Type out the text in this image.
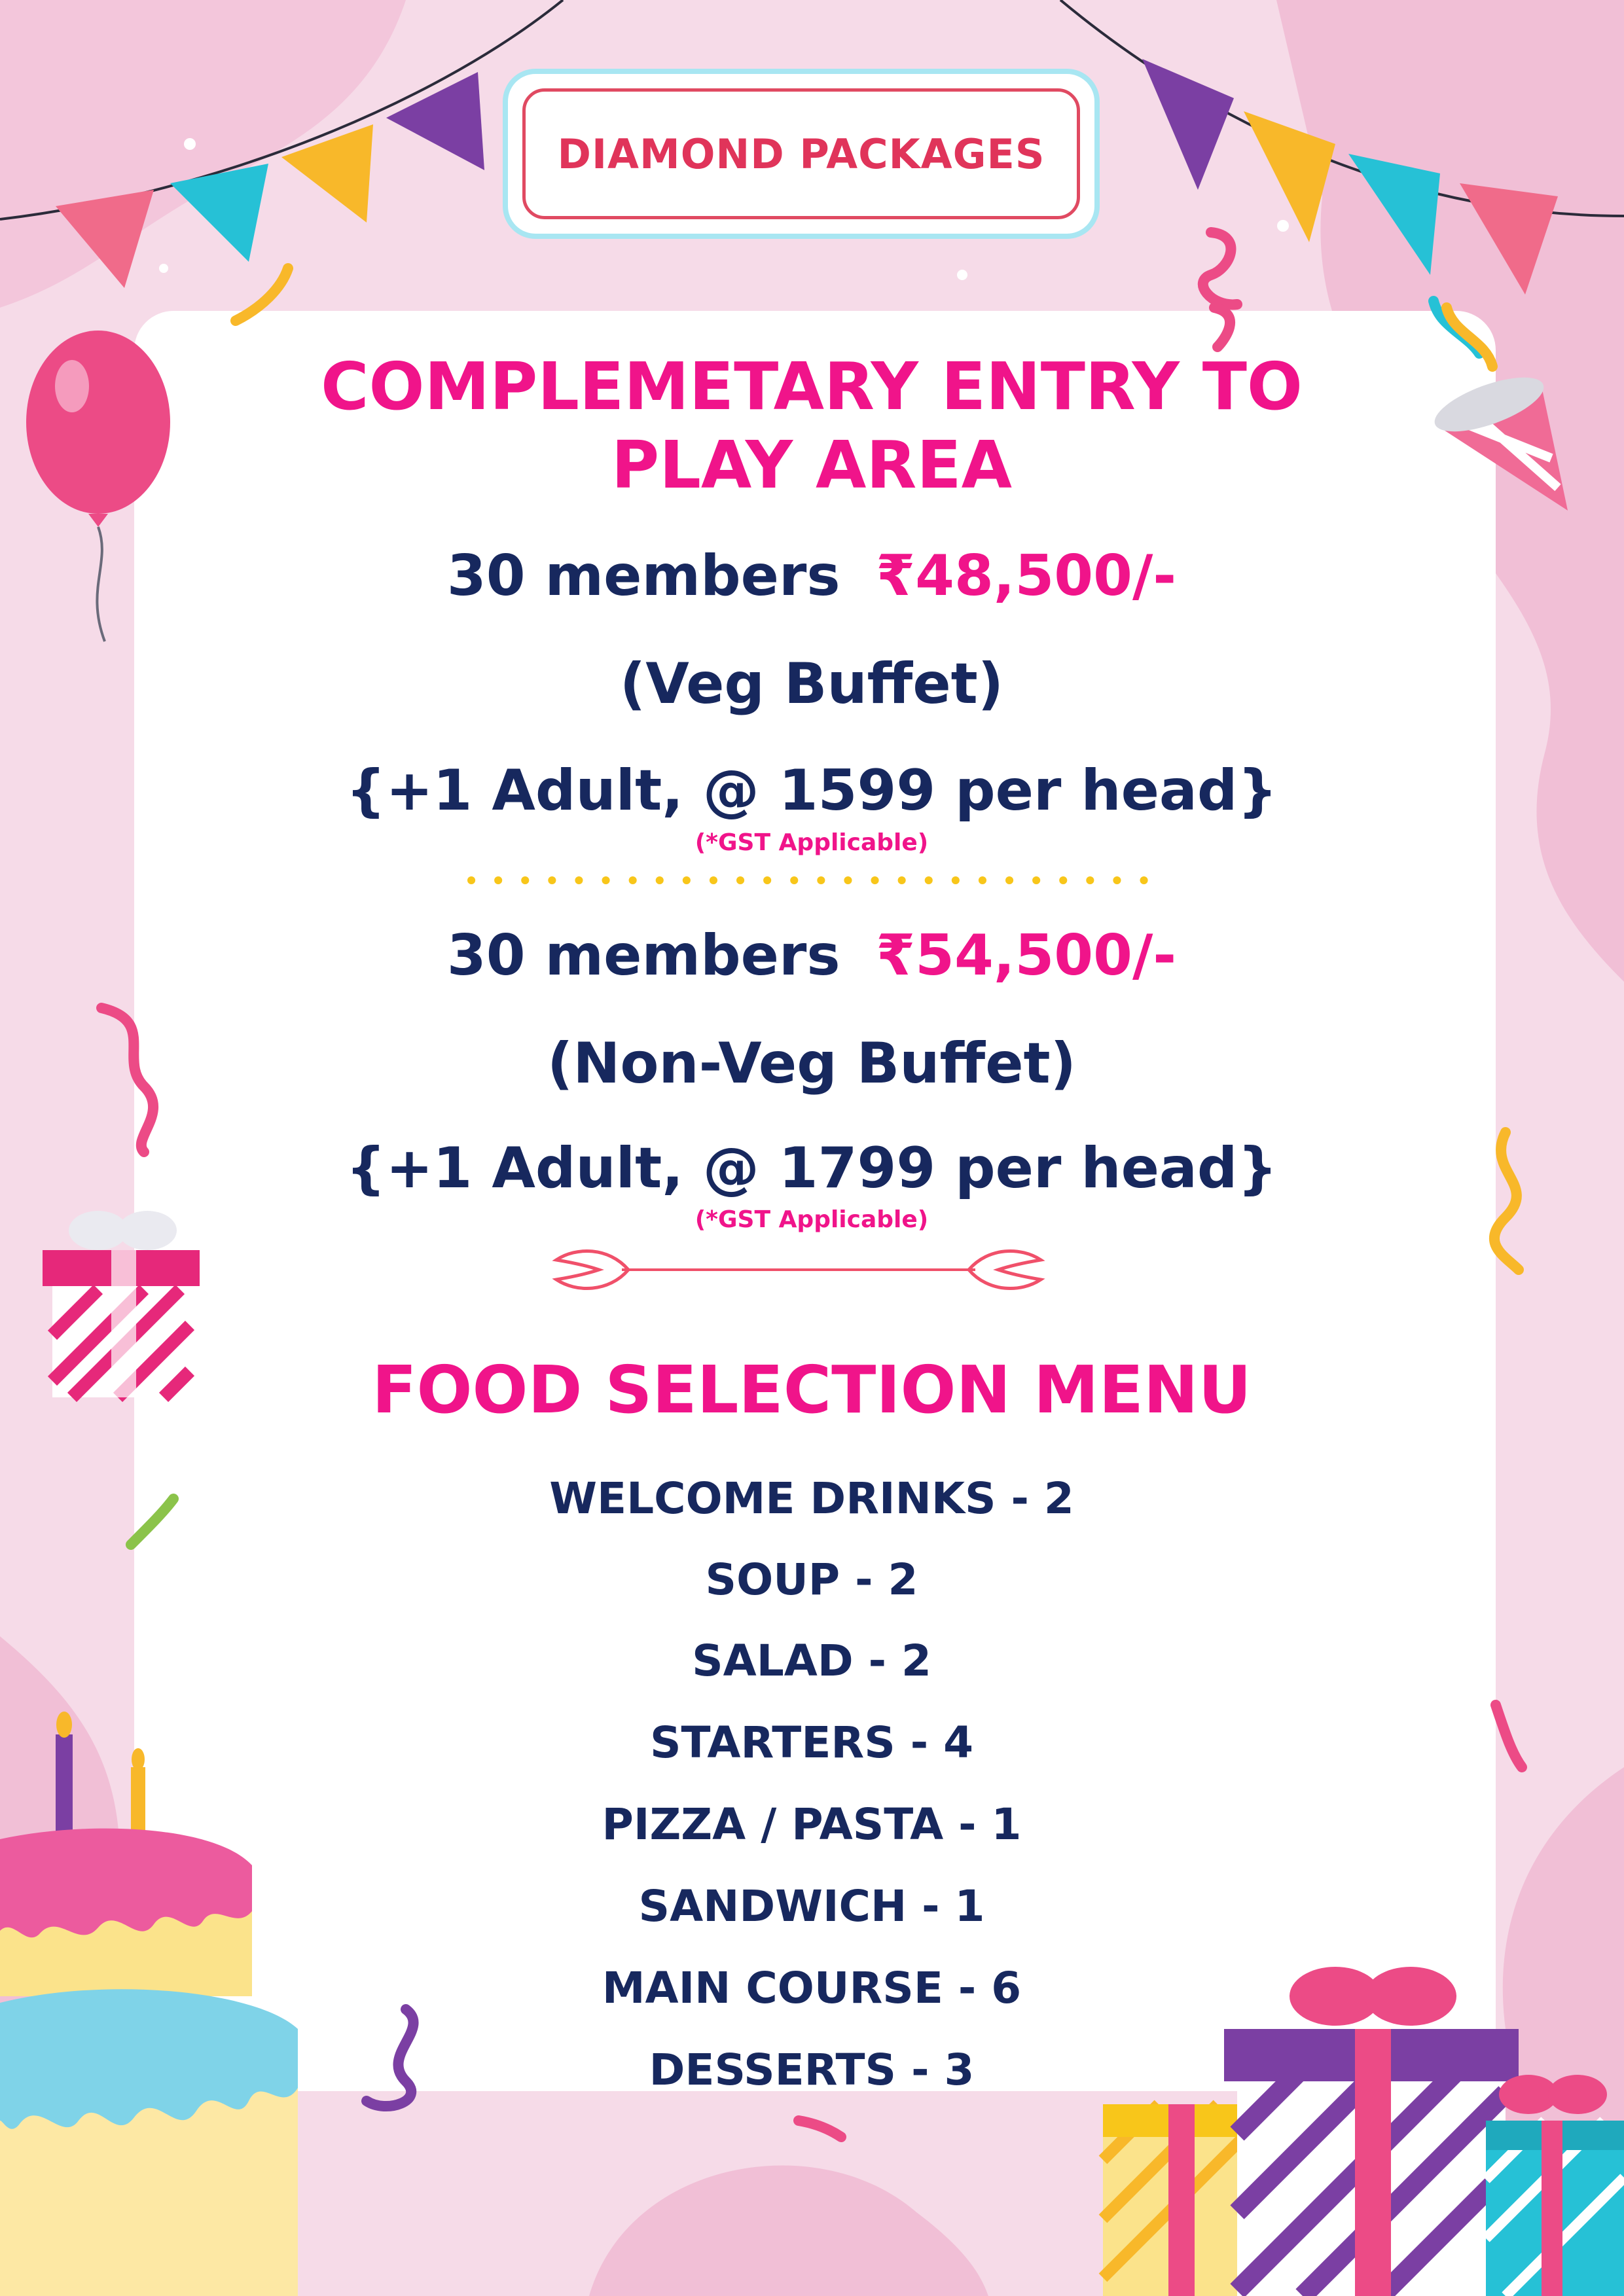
DIAMOND PACKAGES
COMPLEMETARY ENTRY TO
PLAY AREA
30 members ₹48,500/-
(Veg Buffet)
{+1 Adult, @ 1599 per head}
(*GST Applicable)
30 members ₹54,500/-
(Non-Veg Buffet)
{+1 Adult, @ 1799 per head}
(*GST Applicable)
FOOD SELECTION MENU
WELCOME DRINKS - 2
SOUP - 2
SALAD - 2
STARTERS - 4
PIZZA / PASTA - 1
SANDWICH - 1
MAIN COURSE - 6
DESSERTS - 3
